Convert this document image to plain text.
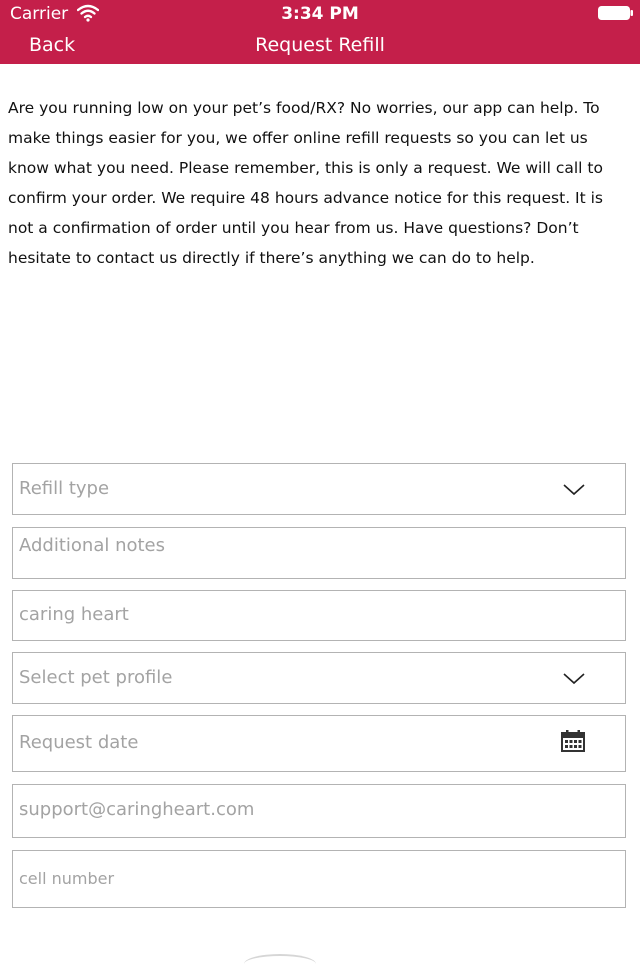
Carrier	3:34 PM
Back	Request Refill

Are you running low on your pet’s food/RX? No worries, our app can help. To make things easier for you, we offer online refill requests so you can let us know what you need. Please remember, this is only a request. We will call to confirm your order. We require 48 hours advance notice for this request. It is not a confirmation of order until you hear from us. Have questions? Don’t hesitate to contact us directly if there’s anything we can do to help.

Refill type
Additional notes
caring heart
Select pet profile
Request date
support@caringheart.com
cell number
